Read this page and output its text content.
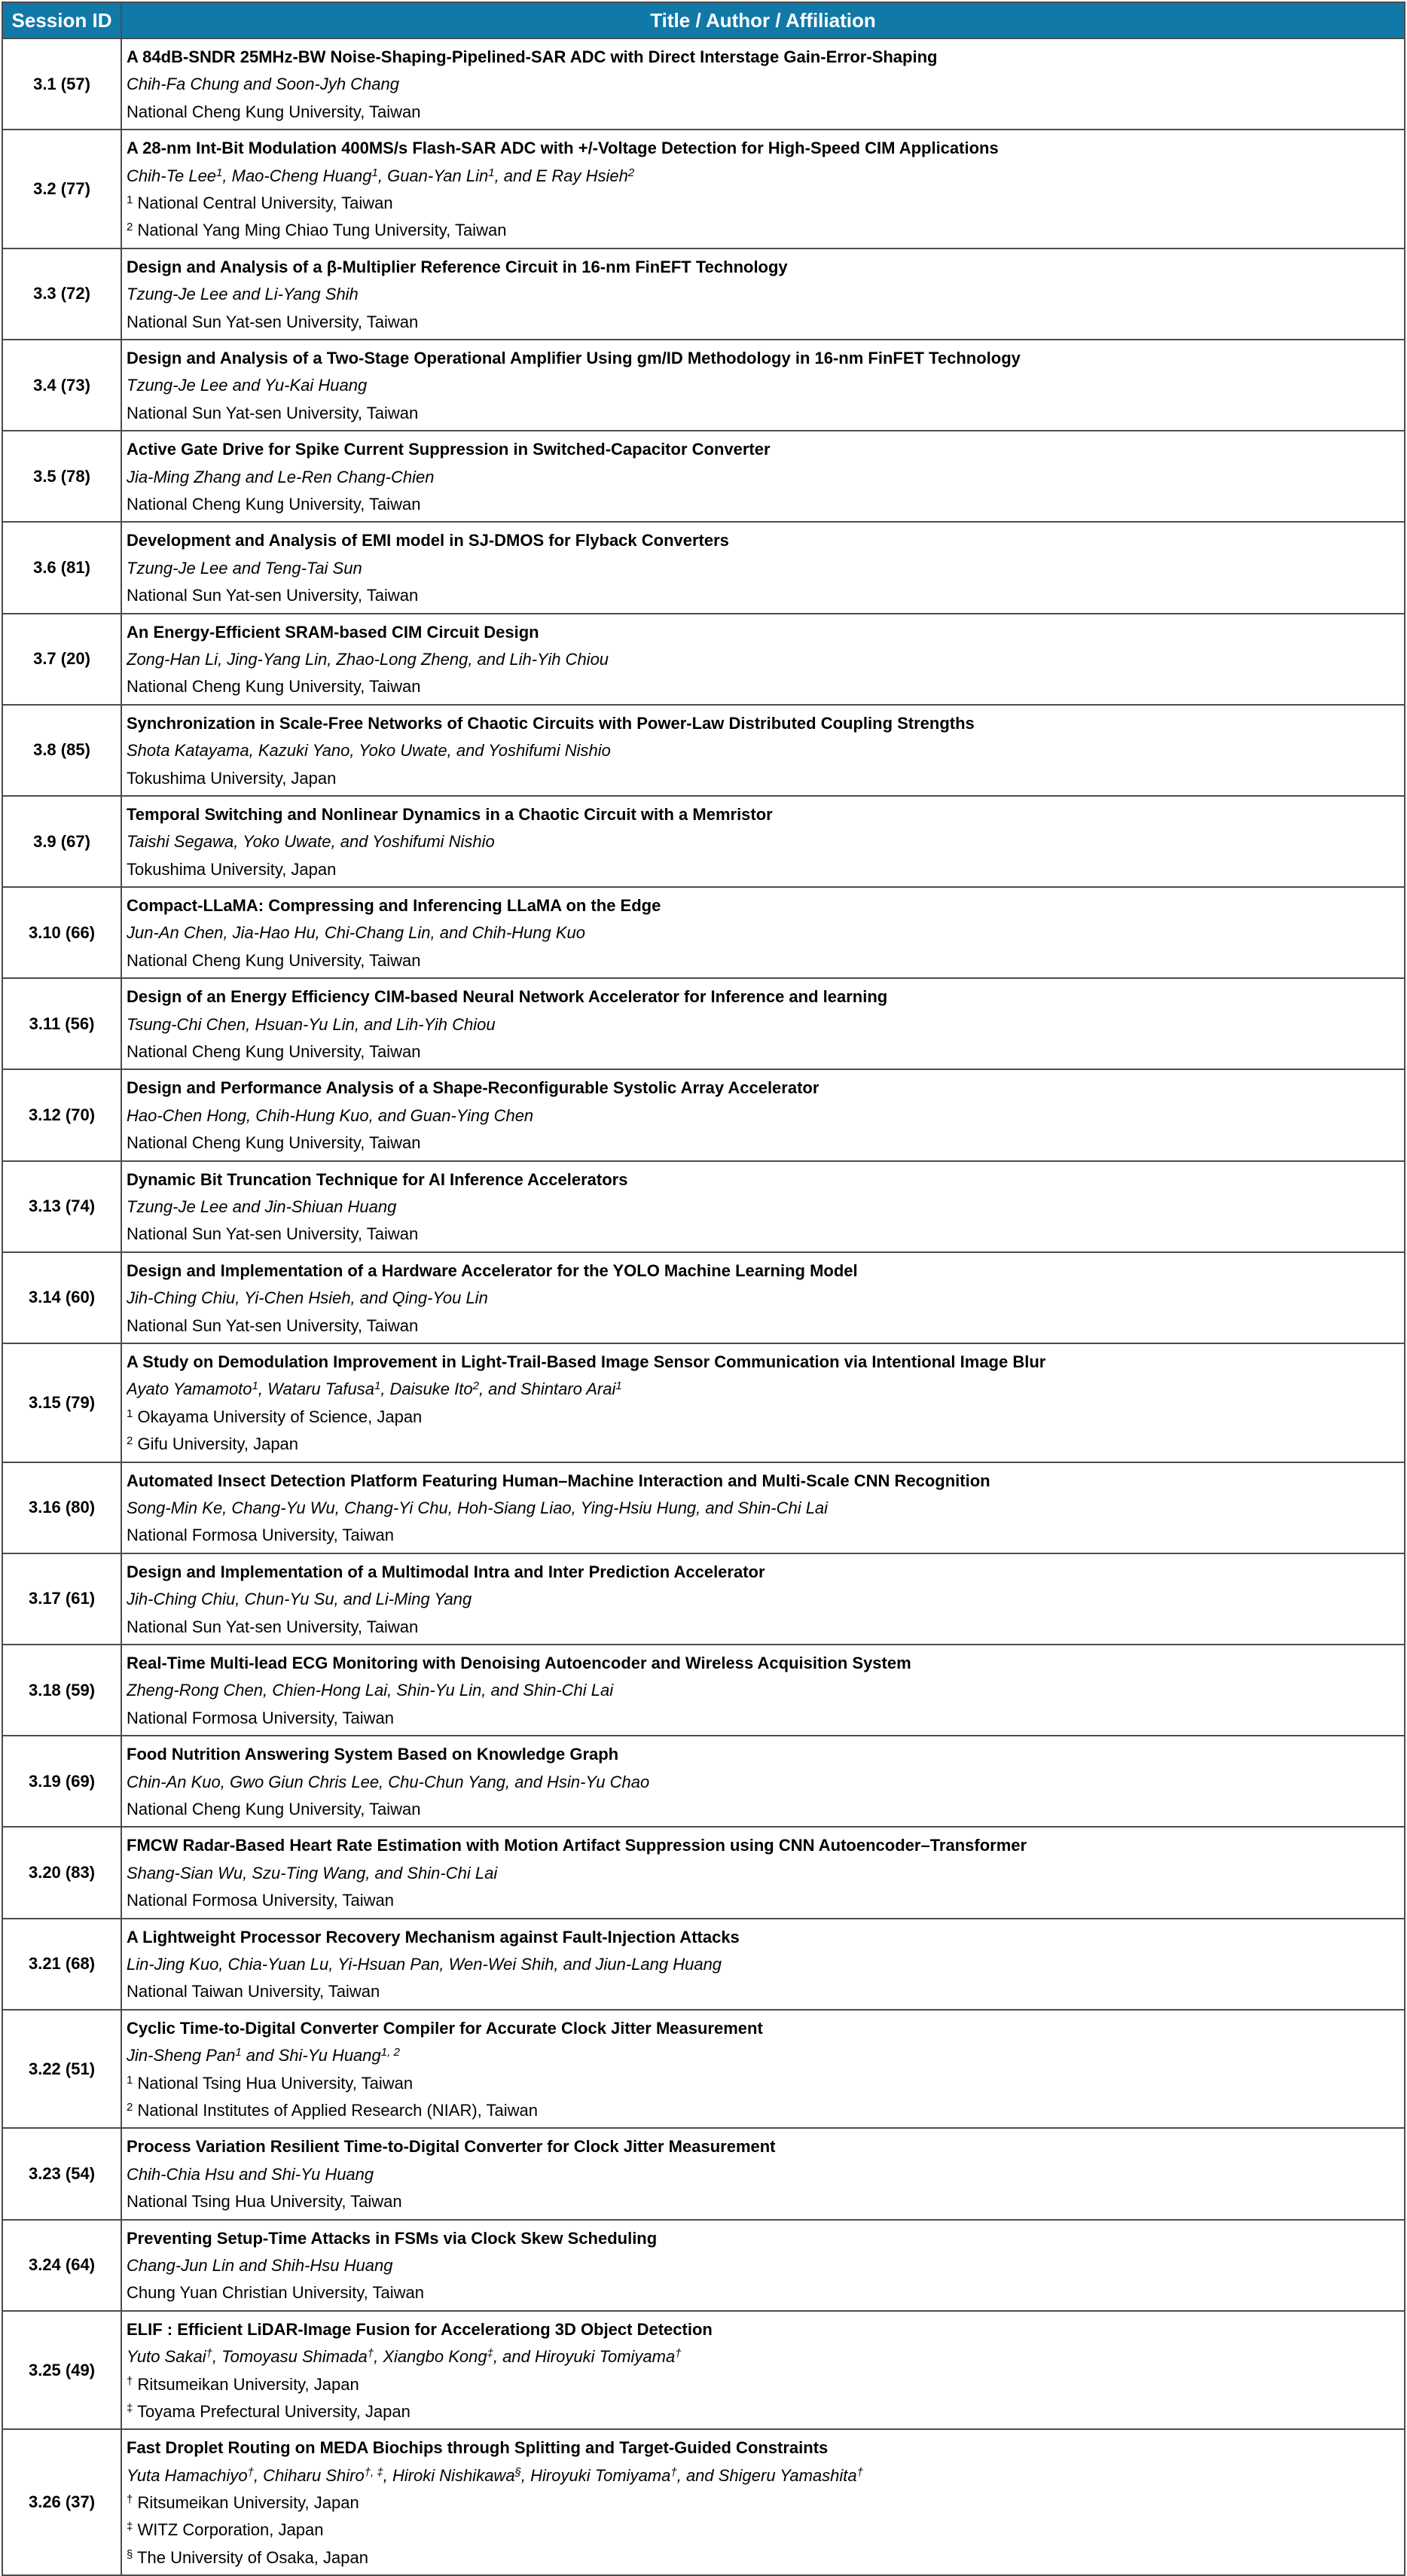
Session ID	Title / Author / Affiliation
3.1 (57)	A 84dB-SNDR 25MHz-BW Noise-Shaping-Pipelined-SAR ADC with Direct Interstage Gain-Error-Shaping
Chih-Fa Chung and Soon-Jyh Chang
National Cheng Kung University, Taiwan

3.2 (77)	A 28-nm Int-Bit Modulation 400MS/s Flash-SAR ADC with +/-Voltage Detection for High-Speed CIM Applications
Chih-Te Lee$^1$, Mao-Cheng Huang$^1$, Guan-Yan Lin$^1$, and E Ray Hsieh$^2$
$^1$ National Central University, Taiwan
$^2$ National Yang Ming Chiao Tung University, Taiwan

3.3 (72)	Design and Analysis of a β-Multiplier Reference Circuit in 16-nm FinEFT Technology
Tzung-Je Lee and Li-Yang Shih
National Sun Yat-sen University, Taiwan

3.4 (73)	Design and Analysis of a Two-Stage Operational Amplifier Using gm/ID Methodology in 16-nm FinFET Technology
Tzung-Je Lee and Yu-Kai Huang
National Sun Yat-sen University, Taiwan

3.5 (78)	Active Gate Drive for Spike Current Suppression in Switched-Capacitor Converter
Jia-Ming Zhang and Le-Ren Chang-Chien
National Cheng Kung University, Taiwan

3.6 (81)	Development and Analysis of EMI model in SJ-DMOS for Flyback Converters
Tzung-Je Lee and Teng-Tai Sun
National Sun Yat-sen University, Taiwan

3.7 (20)	An Energy-Efficient SRAM-based CIM Circuit Design
Zong-Han Li, Jing-Yang Lin, Zhao-Long Zheng, and Lih-Yih Chiou
National Cheng Kung University, Taiwan

3.8 (85)	Synchronization in Scale-Free Networks of Chaotic Circuits with Power-Law Distributed Coupling Strengths
Shota Katayama, Kazuki Yano, Yoko Uwate, and Yoshifumi Nishio
Tokushima University, Japan

3.9 (67)	Temporal Switching and Nonlinear Dynamics in a Chaotic Circuit with a Memristor
Taishi Segawa, Yoko Uwate, and Yoshifumi Nishio
Tokushima University, Japan

3.10 (66)	Compact-LLaMA: Compressing and Inferencing LLaMA on the Edge
Jun-An Chen, Jia-Hao Hu, Chi-Chang Lin, and Chih-Hung Kuo
National Cheng Kung University, Taiwan

3.11 (56)	Design of an Energy Efficiency CIM-based Neural Network Accelerator for Inference and learning
Tsung-Chi Chen, Hsuan-Yu Lin, and Lih-Yih Chiou
National Cheng Kung University, Taiwan

3.12 (70)	Design and Performance Analysis of a Shape-Reconfigurable Systolic Array Accelerator
Hao-Chen Hong, Chih-Hung Kuo, and Guan-Ying Chen
National Cheng Kung University, Taiwan

3.13 (74)	Dynamic Bit Truncation Technique for AI Inference Accelerators
Tzung-Je Lee and Jin-Shiuan Huang
National Sun Yat-sen University, Taiwan

3.14 (60)	Design and Implementation of a Hardware Accelerator for the YOLO Machine Learning Model
Jih-Ching Chiu, Yi-Chen Hsieh, and Qing-You Lin
National Sun Yat-sen University, Taiwan

3.15 (79)	A Study on Demodulation Improvement in Light-Trail-Based Image Sensor Communication via Intentional Image Blur
Ayato Yamamoto$^1$, Wataru Tafusa$^1$, Daisuke Ito$^2$, and Shintaro Arai$^1$
$^1$ Okayama University of Science, Japan
$^2$ Gifu University, Japan

3.16 (80)	Automated Insect Detection Platform Featuring Human–Machine Interaction and Multi-Scale CNN Recognition
Song-Min Ke, Chang-Yu Wu, Chang-Yi Chu, Hoh-Siang Liao, Ying-Hsiu Hung, and Shin-Chi Lai
National Formosa University, Taiwan

3.17 (61)	Design and Implementation of a Multimodal Intra and Inter Prediction Accelerator
Jih-Ching Chiu, Chun-Yu Su, and Li-Ming Yang
National Sun Yat-sen University, Taiwan

3.18 (59)	Real-Time Multi-lead ECG Monitoring with Denoising Autoencoder and Wireless Acquisition System
Zheng-Rong Chen, Chien-Hong Lai, Shin-Yu Lin, and Shin-Chi Lai
National Formosa University, Taiwan

3.19 (69)	Food Nutrition Answering System Based on Knowledge Graph
Chin-An Kuo, Gwo Giun Chris Lee, Chu-Chun Yang, and Hsin-Yu Chao
National Cheng Kung University, Taiwan

3.20 (83)	FMCW Radar-Based Heart Rate Estimation with Motion Artifact Suppression using CNN Autoencoder–Transformer
Shang-Sian Wu, Szu-Ting Wang, and Shin-Chi Lai
National Formosa University, Taiwan

3.21 (68)	A Lightweight Processor Recovery Mechanism against Fault-Injection Attacks
Lin-Jing Kuo, Chia-Yuan Lu, Yi-Hsuan Pan, Wen-Wei Shih, and Jiun-Lang Huang
National Taiwan University, Taiwan

3.22 (51)	Cyclic Time-to-Digital Converter Compiler for Accurate Clock Jitter Measurement
Jin-Sheng Pan$^1$ and Shi-Yu Huang$^{1, 2}$
$^1$ National Tsing Hua University, Taiwan
$^2$ National Institutes of Applied Research (NIAR), Taiwan

3.23 (54)	Process Variation Resilient Time-to-Digital Converter for Clock Jitter Measurement
Chih-Chia Hsu and Shi-Yu Huang
National Tsing Hua University, Taiwan

3.24 (64)	Preventing Setup-Time Attacks in FSMs via Clock Skew Scheduling
Chang-Jun Lin and Shih-Hsu Huang
Chung Yuan Christian University, Taiwan

3.25 (49)	ELIF : Efficient LiDAR-Image Fusion for Accelerationg 3D Object Detection
Yuto Sakai†, Tomoyasu Shimada†, Xiangbo Kong‡, and Hiroyuki Tomiyama†
† Ritsumeikan University, Japan
‡ Toyama Prefectural University, Japan

3.26 (37)	Fast Droplet Routing on MEDA Biochips through Splitting and Target-Guided Constraints
Yuta Hamachiyo†, Chiharu Shiro†, ‡, Hiroki Nishikawa§, Hiroyuki Tomiyama†, and Shigeru Yamashita†
† Ritsumeikan University, Japan
‡ WITZ Corporation, Japan
§ The University of Osaka, Japan
